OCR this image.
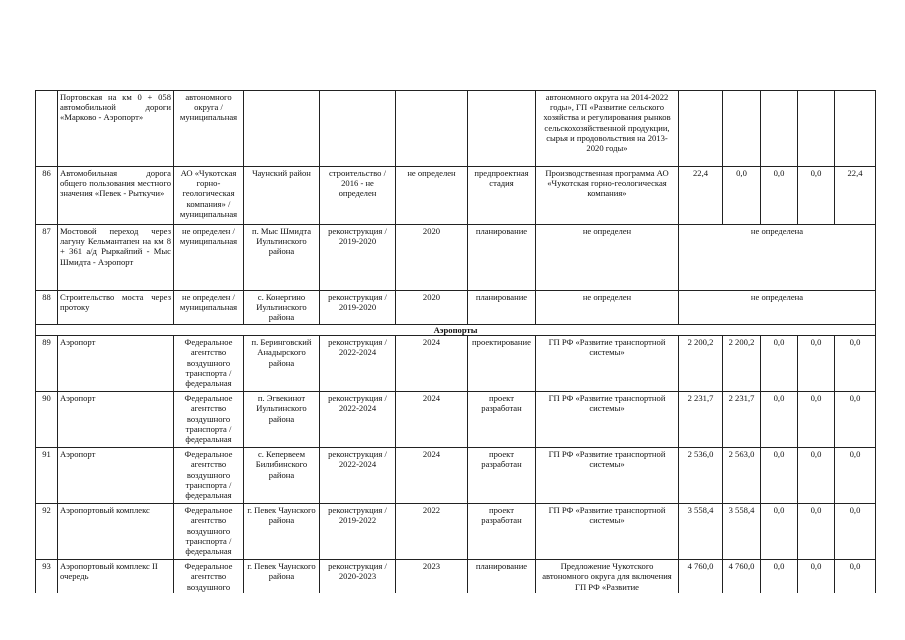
	Портовская на км 0 + 058 автомобильной дороги «Марково - Аэропорт»	автономного округа / муниципальная					автономного округа на 2014-2022 годы», ГП «Развитие сельского хозяйства и регулирования рынков сельскохозяйственной продукции, сырья и продовольствия на 2013-2020 годы»					
86	Автомобильная дорога общего пользования местного значения «Певек - Рыткучи»	АО «Чукотская горно-геологическая компания» / муниципальная	Чаунский район	строительство / 2016 - не определен	не определен	предпроектная стадия	Производственная программа АО «Чукотская горно-геологическая компания»	22,4	0,0	0,0	0,0	22,4
87	Мостовой переход через лагуну Кельмантапен на км 8 + 361 а/д Рыркайпий - Мыс Шмидта - Аэропорт	не определен / муниципальная	п. Мыс Шмидта Иультинского района	реконструкция / 2019-2020	2020	планирование	не определен	не определена				
88	Строительство моста через протоку	не определен / муниципальная	с. Конергино Иультинского района	реконструкция / 2019-2020	2020	планирование	не определен	не определена				
Аэропорты												
89	Аэропорт	Федеральное агентство воздушного транспорта / федеральная	п. Беринговский Анадырского района	реконструкция / 2022-2024	2024	проектирование	ГП РФ «Развитие транспортной системы»	2 200,2	2 200,2	0,0	0,0	0,0
90	Аэропорт	Федеральное агентство воздушного транспорта / федеральная	п. Эгвекинот Иультинского района	реконструкция / 2022-2024	2024	проект разработан	ГП РФ «Развитие транспортной системы»	2 231,7	2 231,7	0,0	0,0	0,0
91	Аэропорт	Федеральное агентство воздушного транспорта / федеральная	с. Кепервеем Билибинского района	реконструкция / 2022-2024	2024	проект разработан	ГП РФ «Развитие транспортной системы»	2 536,0	2 563,0	0,0	0,0	0,0
92	Аэропортовый комплекс	Федеральное агентство воздушного транспорта / федеральная	г. Певек Чаунского района	реконструкция / 2019-2022	2022	проект разработан	ГП РФ «Развитие транспортной системы»	3 558,4	3 558,4	0,0	0,0	0,0
93	Аэропортовый комплекс II очередь	Федеральное агентство воздушного	г. Певек Чаунского района	реконструкция / 2020-2023	2023	планирование	Предложение Чукотского автономного округа для включения ГП РФ «Развитие	4 760,0	4 760,0	0,0	0,0	0,0
